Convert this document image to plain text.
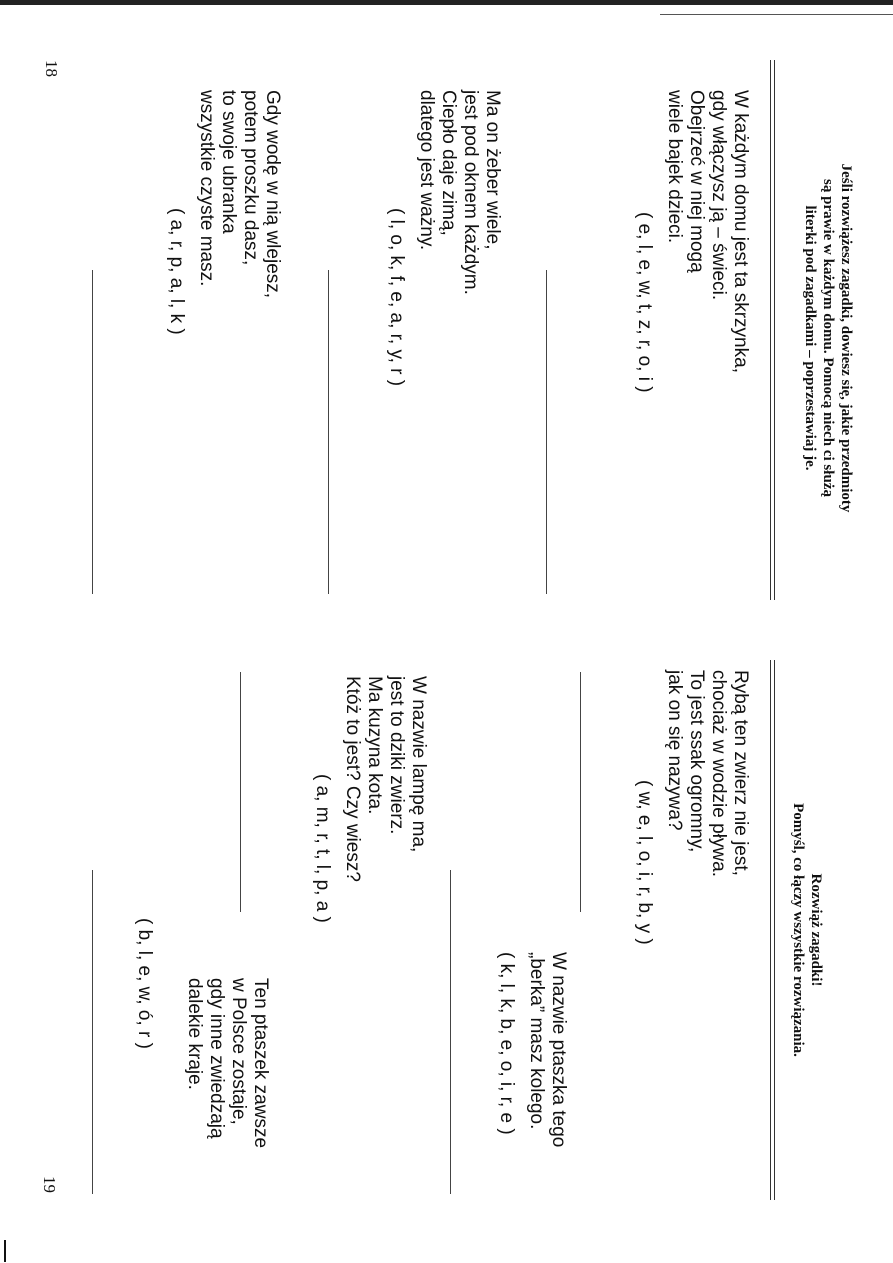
Jeśli rozwiążesz zagadki, dowiesz się, jakie przedmioty
są prawie w każdym domu. Pomocą niech ci służą
literki pod zagadkami – poprzestawiaj je.
W każdym domu jest ta skrzynka,
gdy włączysz ją – świeci.
Obejrzeć w niej mogą
wiele bajek dzieci.
( e, l, e, w, t, z, r, o, i )
Ma on żeber wiele,
jest pod oknem każdym.
Ciepło daje zimą,
dlatego jest ważny.
( l, o, k, f, e, a, r, y, r )
Gdy wodę w nią wlejesz,
potem proszku dasz,
to swoje ubranka
wszystkie czyste masz.
( a, r, p, a, l, k )
18
Rozwiąż zagadki!
Pomyśl, co łączy wszystkie rozwiązania.
Rybą ten zwierz nie jest,
chociaż w wodzie pływa.
To jest ssak ogromny,
jak on się nazywa?
( w, e, l, o, i, r, b, y )
W nazwie ptaszka tego
„berka” masz kolego.
( k, l, k, b, e, o, i, r, e )
W nazwie lampę ma,
jest to dziki zwierz.
Ma kuzyna kota.
Któż to jest? Czy wiesz?
( a, m, r, t, l, p, a )
Ten ptaszek zawsze
w Polsce zostaje,
gdy inne zwiedzają
dalekie kraje.
( b, l, e, w, ó, r )
19
